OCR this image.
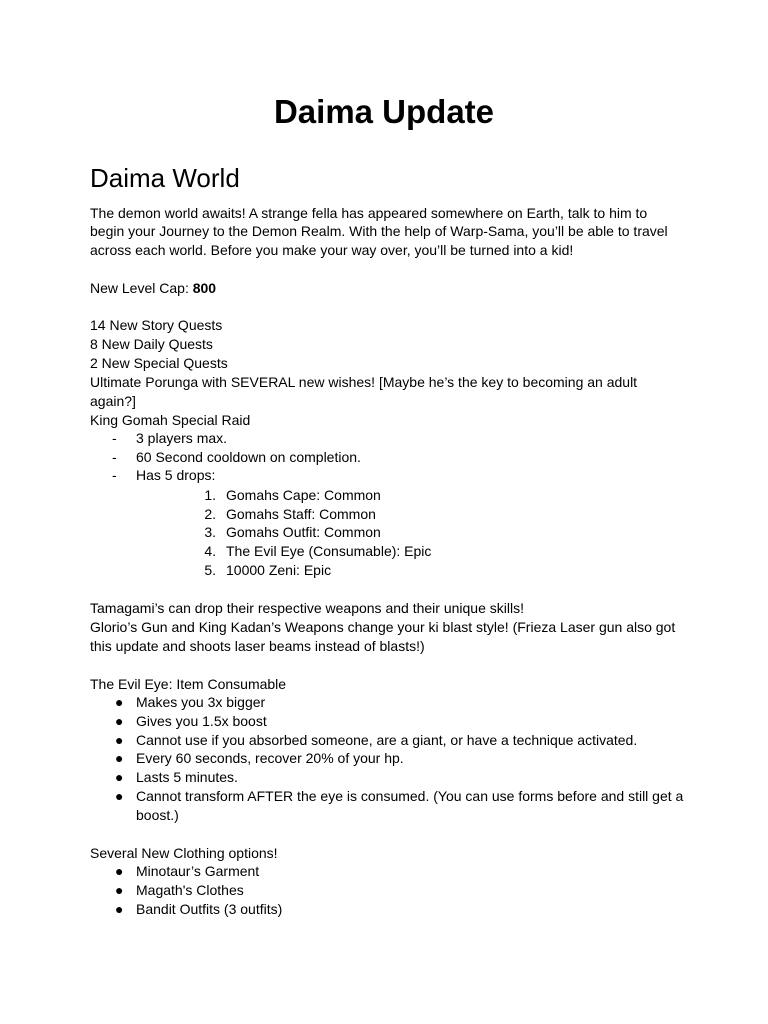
Daima Update
Daima World
The demon world awaits! A strange fella has appeared somewhere on Earth, talk to him to
begin your Journey to the Demon Realm. With the help of Warp-Sama, you’ll be able to travel
across each world. Before you make your way over, you’ll be turned into a kid!
New Level Cap: 800
14 New Story Quests
8 New Daily Quests
2 New Special Quests
Ultimate Porunga with SEVERAL new wishes! [Maybe he’s the key to becoming an adult
again?]
King Gomah Special Raid
- 3 players max.
- 60 Second cooldown on completion.
- Has 5 drops:
1. Gomahs Cape: Common
2. Gomahs Staff: Common
3. Gomahs Outfit: Common
4. The Evil Eye (Consumable): Epic
5. 10000 Zeni: Epic
Tamagami’s can drop their respective weapons and their unique skills!
Glorio’s Gun and King Kadan’s Weapons change your ki blast style! (Frieza Laser gun also got
this update and shoots laser beams instead of blasts!)
The Evil Eye: Item Consumable
● Makes you 3x bigger
● Gives you 1.5x boost
● Cannot use if you absorbed someone, are a giant, or have a technique activated.
● Every 60 seconds, recover 20% of your hp.
● Lasts 5 minutes.
● Cannot transform AFTER the eye is consumed. (You can use forms before and still get a
boost.)
Several New Clothing options!
● Minotaur’s Garment
● Magath's Clothes
● Bandit Outfits (3 outfits)
